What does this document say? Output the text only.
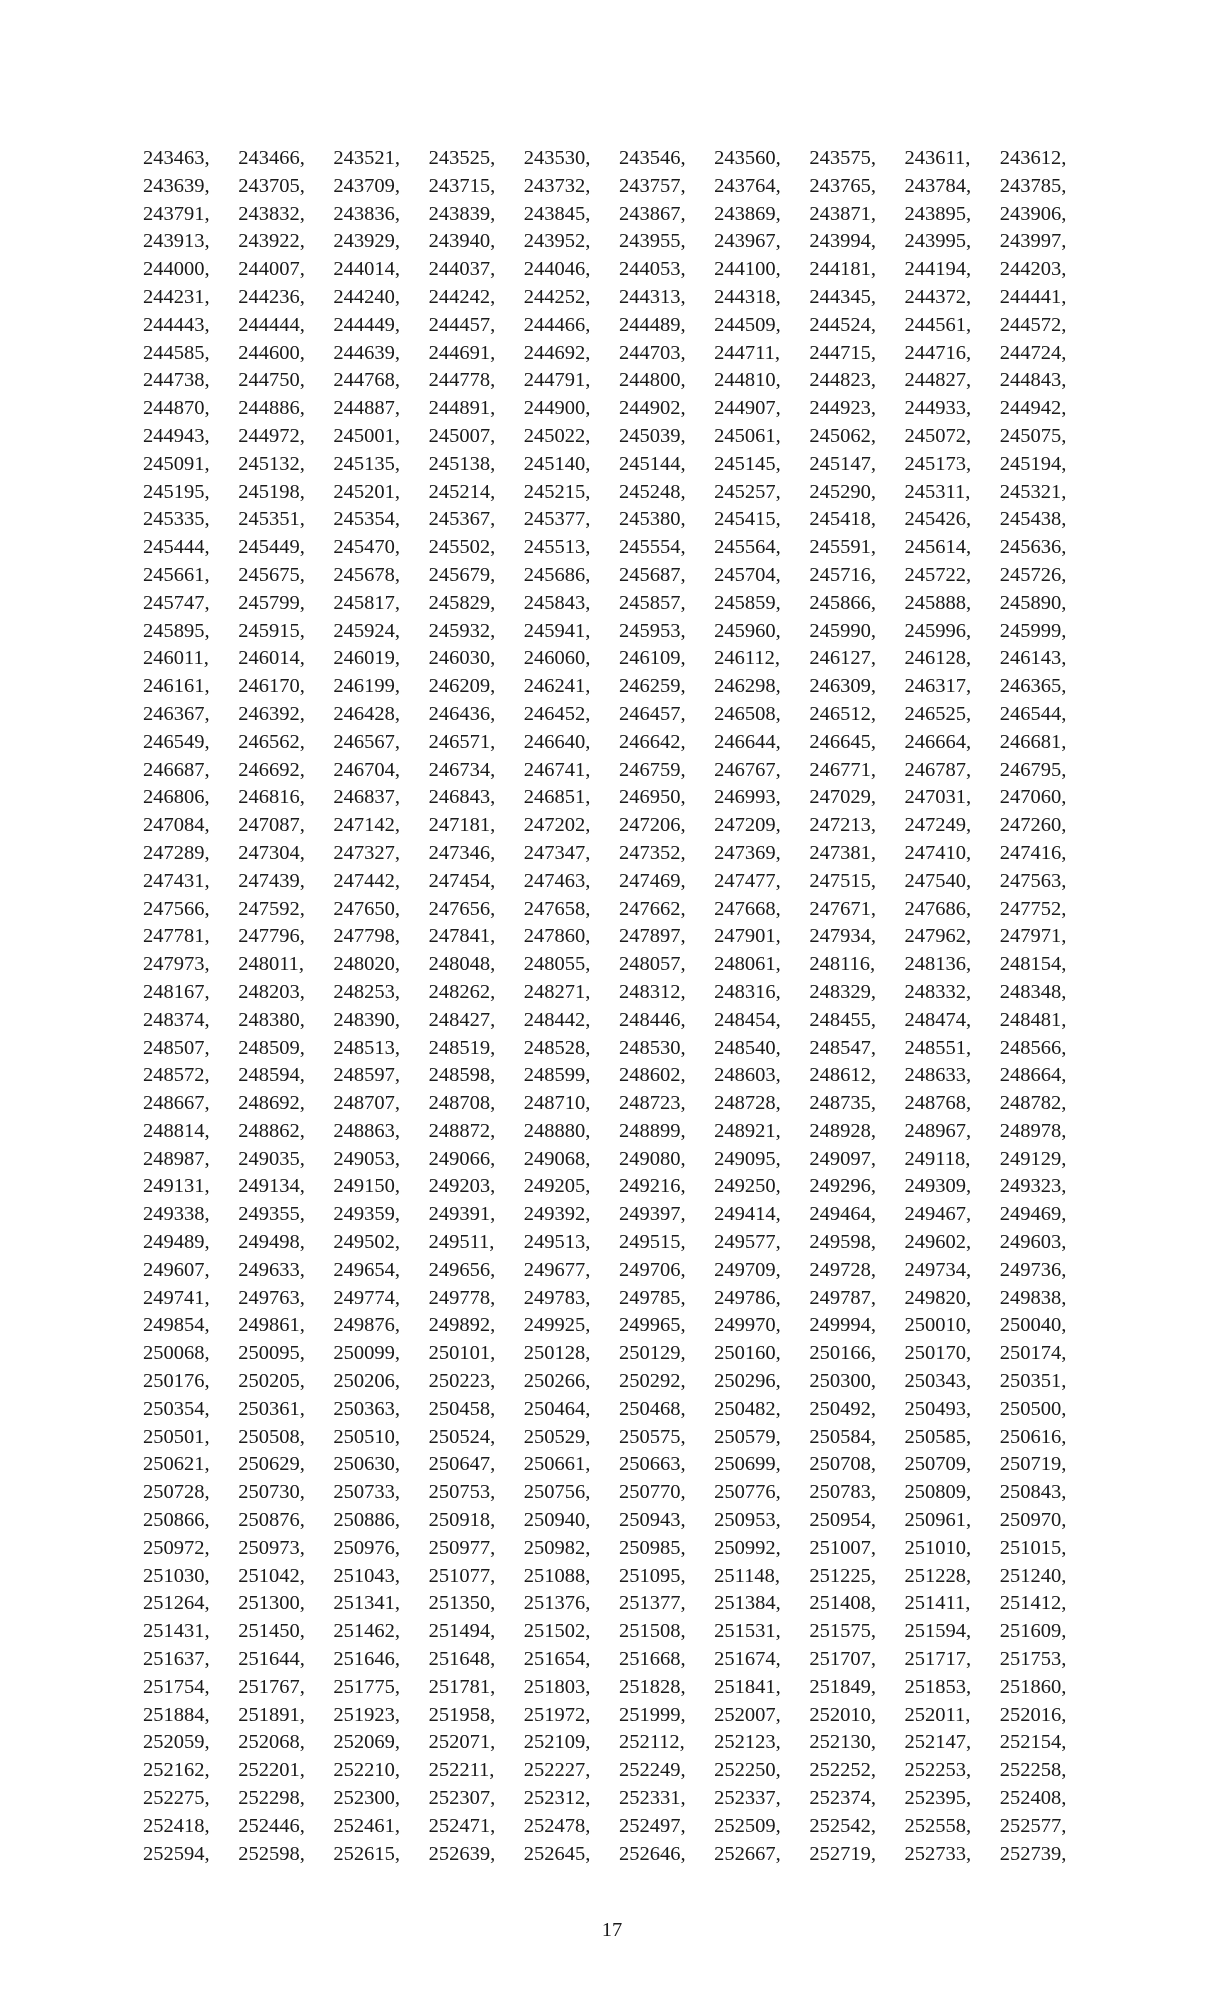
243463,	243466,	243521,	243525,	243530,	243546,	243560,	243575,	243611,	243612,
243639,	243705,	243709,	243715,	243732,	243757,	243764,	243765,	243784,	243785,
243791,	243832,	243836,	243839,	243845,	243867,	243869,	243871,	243895,	243906,
243913,	243922,	243929,	243940,	243952,	243955,	243967,	243994,	243995,	243997,
244000,	244007,	244014,	244037,	244046,	244053,	244100,	244181,	244194,	244203,
244231,	244236,	244240,	244242,	244252,	244313,	244318,	244345,	244372,	244441,
244443,	244444,	244449,	244457,	244466,	244489,	244509,	244524,	244561,	244572,
244585,	244600,	244639,	244691,	244692,	244703,	244711,	244715,	244716,	244724,
244738,	244750,	244768,	244778,	244791,	244800,	244810,	244823,	244827,	244843,
244870,	244886,	244887,	244891,	244900,	244902,	244907,	244923,	244933,	244942,
244943,	244972,	245001,	245007,	245022,	245039,	245061,	245062,	245072,	245075,
245091,	245132,	245135,	245138,	245140,	245144,	245145,	245147,	245173,	245194,
245195,	245198,	245201,	245214,	245215,	245248,	245257,	245290,	245311,	245321,
245335,	245351,	245354,	245367,	245377,	245380,	245415,	245418,	245426,	245438,
245444,	245449,	245470,	245502,	245513,	245554,	245564,	245591,	245614,	245636,
245661,	245675,	245678,	245679,	245686,	245687,	245704,	245716,	245722,	245726,
245747,	245799,	245817,	245829,	245843,	245857,	245859,	245866,	245888,	245890,
245895,	245915,	245924,	245932,	245941,	245953,	245960,	245990,	245996,	245999,
246011,	246014,	246019,	246030,	246060,	246109,	246112,	246127,	246128,	246143,
246161,	246170,	246199,	246209,	246241,	246259,	246298,	246309,	246317,	246365,
246367,	246392,	246428,	246436,	246452,	246457,	246508,	246512,	246525,	246544,
246549,	246562,	246567,	246571,	246640,	246642,	246644,	246645,	246664,	246681,
246687,	246692,	246704,	246734,	246741,	246759,	246767,	246771,	246787,	246795,
246806,	246816,	246837,	246843,	246851,	246950,	246993,	247029,	247031,	247060,
247084,	247087,	247142,	247181,	247202,	247206,	247209,	247213,	247249,	247260,
247289,	247304,	247327,	247346,	247347,	247352,	247369,	247381,	247410,	247416,
247431,	247439,	247442,	247454,	247463,	247469,	247477,	247515,	247540,	247563,
247566,	247592,	247650,	247656,	247658,	247662,	247668,	247671,	247686,	247752,
247781,	247796,	247798,	247841,	247860,	247897,	247901,	247934,	247962,	247971,
247973,	248011,	248020,	248048,	248055,	248057,	248061,	248116,	248136,	248154,
248167,	248203,	248253,	248262,	248271,	248312,	248316,	248329,	248332,	248348,
248374,	248380,	248390,	248427,	248442,	248446,	248454,	248455,	248474,	248481,
248507,	248509,	248513,	248519,	248528,	248530,	248540,	248547,	248551,	248566,
248572,	248594,	248597,	248598,	248599,	248602,	248603,	248612,	248633,	248664,
248667,	248692,	248707,	248708,	248710,	248723,	248728,	248735,	248768,	248782,
248814,	248862,	248863,	248872,	248880,	248899,	248921,	248928,	248967,	248978,
248987,	249035,	249053,	249066,	249068,	249080,	249095,	249097,	249118,	249129,
249131,	249134,	249150,	249203,	249205,	249216,	249250,	249296,	249309,	249323,
249338,	249355,	249359,	249391,	249392,	249397,	249414,	249464,	249467,	249469,
249489,	249498,	249502,	249511,	249513,	249515,	249577,	249598,	249602,	249603,
249607,	249633,	249654,	249656,	249677,	249706,	249709,	249728,	249734,	249736,
249741,	249763,	249774,	249778,	249783,	249785,	249786,	249787,	249820,	249838,
249854,	249861,	249876,	249892,	249925,	249965,	249970,	249994,	250010,	250040,
250068,	250095,	250099,	250101,	250128,	250129,	250160,	250166,	250170,	250174,
250176,	250205,	250206,	250223,	250266,	250292,	250296,	250300,	250343,	250351,
250354,	250361,	250363,	250458,	250464,	250468,	250482,	250492,	250493,	250500,
250501,	250508,	250510,	250524,	250529,	250575,	250579,	250584,	250585,	250616,
250621,	250629,	250630,	250647,	250661,	250663,	250699,	250708,	250709,	250719,
250728,	250730,	250733,	250753,	250756,	250770,	250776,	250783,	250809,	250843,
250866,	250876,	250886,	250918,	250940,	250943,	250953,	250954,	250961,	250970,
250972,	250973,	250976,	250977,	250982,	250985,	250992,	251007,	251010,	251015,
251030,	251042,	251043,	251077,	251088,	251095,	251148,	251225,	251228,	251240,
251264,	251300,	251341,	251350,	251376,	251377,	251384,	251408,	251411,	251412,
251431,	251450,	251462,	251494,	251502,	251508,	251531,	251575,	251594,	251609,
251637,	251644,	251646,	251648,	251654,	251668,	251674,	251707,	251717,	251753,
251754,	251767,	251775,	251781,	251803,	251828,	251841,	251849,	251853,	251860,
251884,	251891,	251923,	251958,	251972,	251999,	252007,	252010,	252011,	252016,
252059,	252068,	252069,	252071,	252109,	252112,	252123,	252130,	252147,	252154,
252162,	252201,	252210,	252211,	252227,	252249,	252250,	252252,	252253,	252258,
252275,	252298,	252300,	252307,	252312,	252331,	252337,	252374,	252395,	252408,
252418,	252446,	252461,	252471,	252478,	252497,	252509,	252542,	252558,	252577,
252594,	252598,	252615,	252639,	252645,	252646,	252667,	252719,	252733,	252739,
17
